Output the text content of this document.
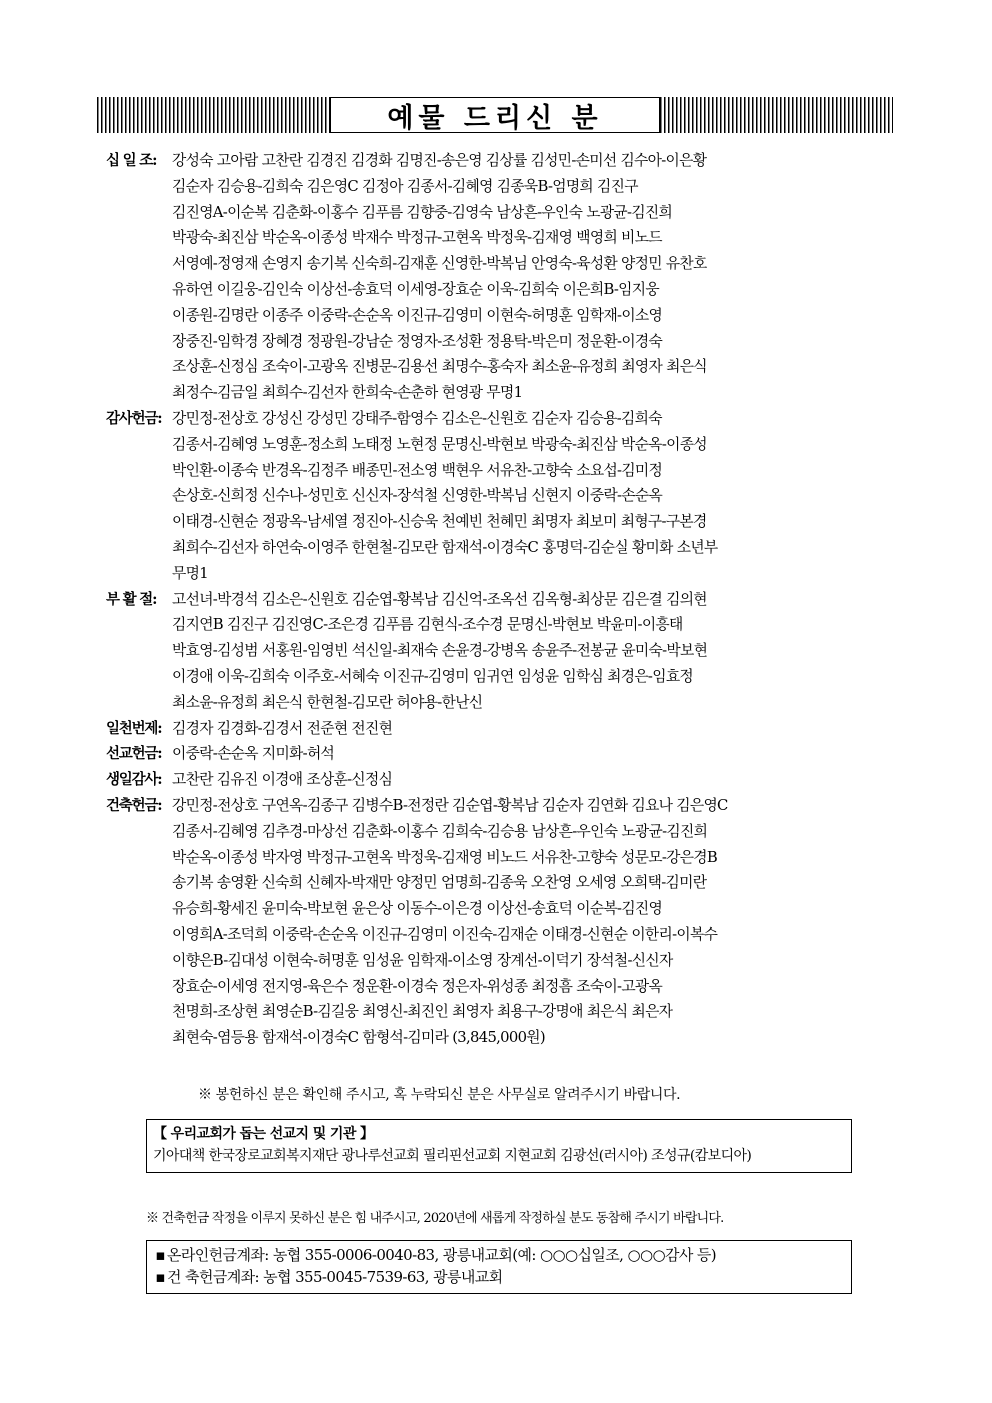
예물 드리신 분
십 일 조:	강성숙 고아람 고찬란 김경진 김경화 김명진-송은영 김상률 김성민-손미선 김수아-이은황
김순자 김승용-김희숙 김은영C 김정아 김종서-김혜영 김종욱B-엄명희 김진구
김진영A-이순복 김춘화-이홍수 김푸름 김향중-김영숙 남상흔-우인숙 노광균-김진희
박광숙-최진삼 박순옥-이종성 박재수 박정규-고현옥 박정욱-김재영 백영희 비노드
서영예-정영재 손영지 송기복 신숙희-김재훈 신영한-박복님 안영숙-육성환 양정민 유찬호
유하연 이길웅-김인숙 이상선-송효덕 이세영-장효순 이욱-김희숙 이은희B-임지웅
이종원-김명란 이종주 이중락-손순옥 이진규-김영미 이현숙-허명훈 임학재-이소영
장중진-임학경 장혜경 정광원-강남순 정영자-조성환 정용탁-박은미 정운환-이경숙
조상훈-신정심 조숙이-고광옥 진병문-김용선 최명수-홍숙자 최소윤-유정희 최영자 최은식
최정수-김금일 최희수-김선자 한희숙-손춘하 현영광 무명1
감사헌금: 강민정-전상호 강성신 강성민 강태주-함영수 김소은-신원호 김순자 김승용-김희숙
김종서-김혜영 노영훈-정소희 노태정 노현정 문명신-박현보 박광숙-최진삼 박순옥-이종성
박인환-이종숙 반경옥-김정주 배종민-전소영 백현우 서유찬-고향숙 소요섭-김미정
손상호-신희정 신수나-성민호 신신자-장석철 신영한-박복님 신현지 이중락-손순옥
이태경-신현순 정광옥-남세열 정진아-신승욱 천예빈 천혜민 최명자 최보미 최형구-구본경
최희수-김선자 하연숙-이영주 한현철-김모란 함재석-이경숙C 홍명덕-김순실 황미화 소년부
무명1
부 활 절:	고선녀-박경석 김소은-신원호 김순엽-황복남 김신억-조옥선 김옥형-최상문 김은결 김의현
김지연B 김진구 김진영C-조은경 김푸름 김현식-조수경 문명신-박현보 박윤미-이흥태
박효영-김성범 서홍원-임영빈 석신일-최재숙 손윤경-강병옥 송윤주-전봉균 윤미숙-박보현
이경애 이욱-김희숙 이주호-서혜숙 이진규-김영미 임귀연 임성윤 임학심 최경은-임효정
최소윤-유정희 최은식 한현철-김모란 허야용-한난신
일천번제: 김경자 김경화-김경서 전준현 전진현
선교헌금: 이중락-손순옥 지미화-허석
생일감사: 고찬란 김유진 이경애 조상훈-신정심
건축헌금: 강민정-전상호 구연옥-김종구 김병수B-전정란 김순엽-황복남 김순자 김연화 김요나 김은영C
김종서-김혜영 김추경-마상선 김춘화-이홍수 김희숙-김승용 남상흔-우인숙 노광균-김진희
박순옥-이종성 박자영 박정규-고현옥 박정욱-김재영 비노드 서유찬-고향숙 성문모-강은경B
송기복 송영환 신숙희 신혜자-박재만 양정민 엄명희-김종욱 오찬영 오세영 오희택-김미란
유승희-황세진 윤미숙-박보현 윤은상 이동수-이은경 이상선-송효덕 이순복-김진영
이영희A-조덕희 이중락-손순옥 이진규-김영미 이진숙-김재순 이태경-신현순 이한리-이복수
이향은B-김대성 이현숙-허명훈 임성윤 임학재-이소영 장계선-이덕기 장석철-신신자
장효순-이세영 전지영-육은수 정운환-이경숙 정은자-위성종 최정흠 조숙이-고광옥
천명희-조상현 최영순B-김길웅 최영신-최진인 최영자 최용구-강명애 최은식 최은자
최현숙-염등용 함재석-이경숙C 함형석-김미라 (3,845,000원)
※ 봉헌하신 분은 확인해 주시고, 혹 누락되신 분은 사무실로 알려주시기 바랍니다.
【 우리교회가 돕는 선교지 및 기관 】
기아대책 한국장로교회복지재단 광나루선교회 필리핀선교회 지현교회 김광선(러시아) 조성규(캄보디아)
※ 건축헌금 작정을 이루지 못하신 분은 힘 내주시고, 2020년에 새롭게 작정하실 분도 동참해 주시기 바랍니다.
▪ 온라인헌금계좌: 농협 355-0006-0040-83, 광릉내교회(예: ○○○십일조, ○○○감사 등)
▪ 건 축헌금계좌: 농협 355-0045-7539-63, 광릉내교회
